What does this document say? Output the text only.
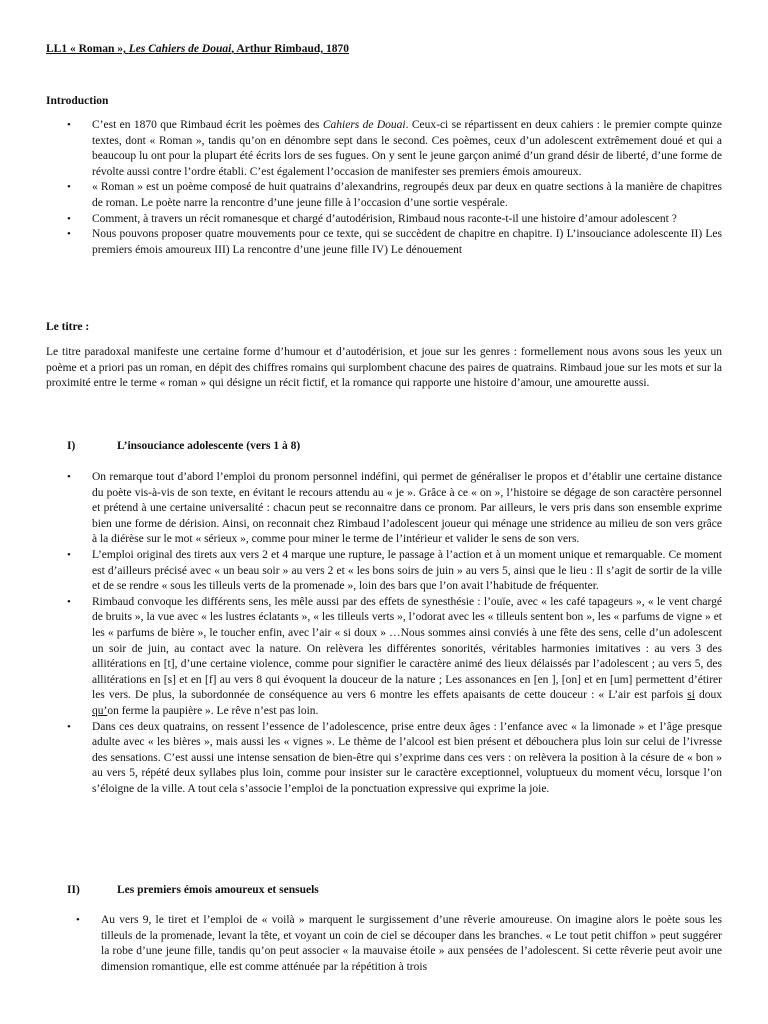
LL1 « Roman », Les Cahiers de Douai, Arthur Rimbaud, 1870
Introduction
• C’est en 1870 que Rimbaud écrit les poèmes des Cahiers de Douai. Ceux-ci se répartissent en deux cahiers : le premier compte quinze textes, dont « Roman », tandis qu’on en dénombre sept dans le second. Ces poèmes, ceux d’un adolescent extrêmement doué et qui a beaucoup lu ont pour la plupart été écrits lors de ses fugues. On y sent le jeune garçon animé d’un grand désir de liberté, d’une forme de révolte aussi contre l’ordre établi. C’est également l’occasion de manifester ses premiers émois amoureux.
• « Roman » est un poème composé de huit quatrains d’alexandrins, regroupés deux par deux en quatre sections à la manière de chapitres de roman. Le poète narre la rencontre d’une jeune fille à l’occasion d’une sortie vespérale.
• Comment, à travers un récit romanesque et chargé d’autodérision, Rimbaud nous raconte-t-il une histoire d’amour adolescent ?
• Nous pouvons proposer quatre mouvements pour ce texte, qui se succèdent de chapitre en chapitre. I) L’insouciance adolescente II) Les premiers émois amoureux III) La rencontre d’une jeune fille IV) Le dénouement
Le titre :
Le titre paradoxal manifeste une certaine forme d’humour et d’autodérision, et joue sur les genres : formellement nous avons sous les yeux un poème et a priori pas un roman, en dépit des chiffres romains qui surplombent chacune des paires de quatrains. Rimbaud joue sur les mots et sur la proximité entre le terme « roman » qui désigne un récit fictif, et la romance qui rapporte une histoire d’amour, une amourette aussi.
I)	L’insouciance adolescente (vers 1 à 8)
• On remarque tout d’abord l’emploi du pronom personnel indéfini, qui permet de généraliser le propos et d’établir une certaine distance du poète vis-à-vis de son texte, en évitant le recours attendu au « je ». Grâce à ce « on », l’histoire se dégage de son caractère personnel et prétend à une certaine universalité : chacun peut se reconnaitre dans ce pronom. Par ailleurs, le vers pris dans son ensemble exprime bien une forme de dérision. Ainsi, on reconnait chez Rimbaud l’adolescent joueur qui ménage une stridence au milieu de son vers grâce à la diérèse sur le mot « sérieux », comme pour miner le terme de l’intérieur et valider le sens de son vers.
• L’emploi original des tirets aux vers 2 et 4 marque une rupture, le passage à l’action et à un moment unique et remarquable. Ce moment est d’ailleurs précisé avec « un beau soir » au vers 2 et « les bons soirs de juin » au vers 5, ainsi que le lieu : Il s’agit de sortir de la ville et de se rendre « sous les tilleuls verts de la promenade », loin des bars que l’on avait l’habitude de fréquenter.
• Rimbaud convoque les différents sens, les mêle aussi par des effets de synesthésie : l’ouïe, avec « les café tapageurs », « le vent chargé de bruits », la vue avec « les lustres éclatants », « les tilleuls verts », l’odorat avec les « tilleuls sentent bon », les « parfums de vigne » et les « parfums de bière », le toucher enfin, avec l’air « si doux » …Nous sommes ainsi conviés à une fête des sens, celle d’un adolescent un soir de juin, au contact avec la nature. On relèvera les différentes sonorités, véritables harmonies imitatives : au vers 3 des allitérations en [t], d’une certaine violence, comme pour signifier le caractère animé des lieux délaissés par l’adolescent ; au vers 5, des allitérations en [s] et en [f] au vers 8 qui évoquent la douceur de la nature ; Les assonances en [en ], [on] et en [um] permettent d’étirer les vers. De plus, la subordonnée de conséquence au vers 6 montre les effets apaisants de cette douceur : « L’air est parfois si doux qu’on ferme la paupière ». Le rêve n’est pas loin.
• Dans ces deux quatrains, on ressent l’essence de l’adolescence, prise entre deux âges : l’enfance avec « la limonade » et l’âge presque adulte avec « les bières », mais aussi les « vignes ». Le thème de l’alcool est bien présent et débouchera plus loin sur celui de l’ivresse des sensations. C’est aussi une intense sensation de bien-être qui s’exprime dans ces vers : on relèvera la position à la césure de « bon » au vers 5, répété deux syllabes plus loin, comme pour insister sur le caractère exceptionnel, voluptueux du moment vécu, lorsque l’on s’éloigne de la ville. A tout cela s’associe l’emploi de la ponctuation expressive qui exprime la joie.
II)	Les premiers émois amoureux et sensuels
• Au vers 9, le tiret et l’emploi de « voilà » marquent le surgissement d’une rêverie amoureuse. On imagine alors le poète sous les tilleuls de la promenade, levant la tête, et voyant un coin de ciel se découper dans les branches. « Le tout petit chiffon » peut suggérer la robe d’une jeune fille, tandis qu’on peut associer « la mauvaise étoile » aux pensées de l’adolescent. Si cette rêverie peut avoir une dimension romantique, elle est comme atténuée par la répétition à trois
